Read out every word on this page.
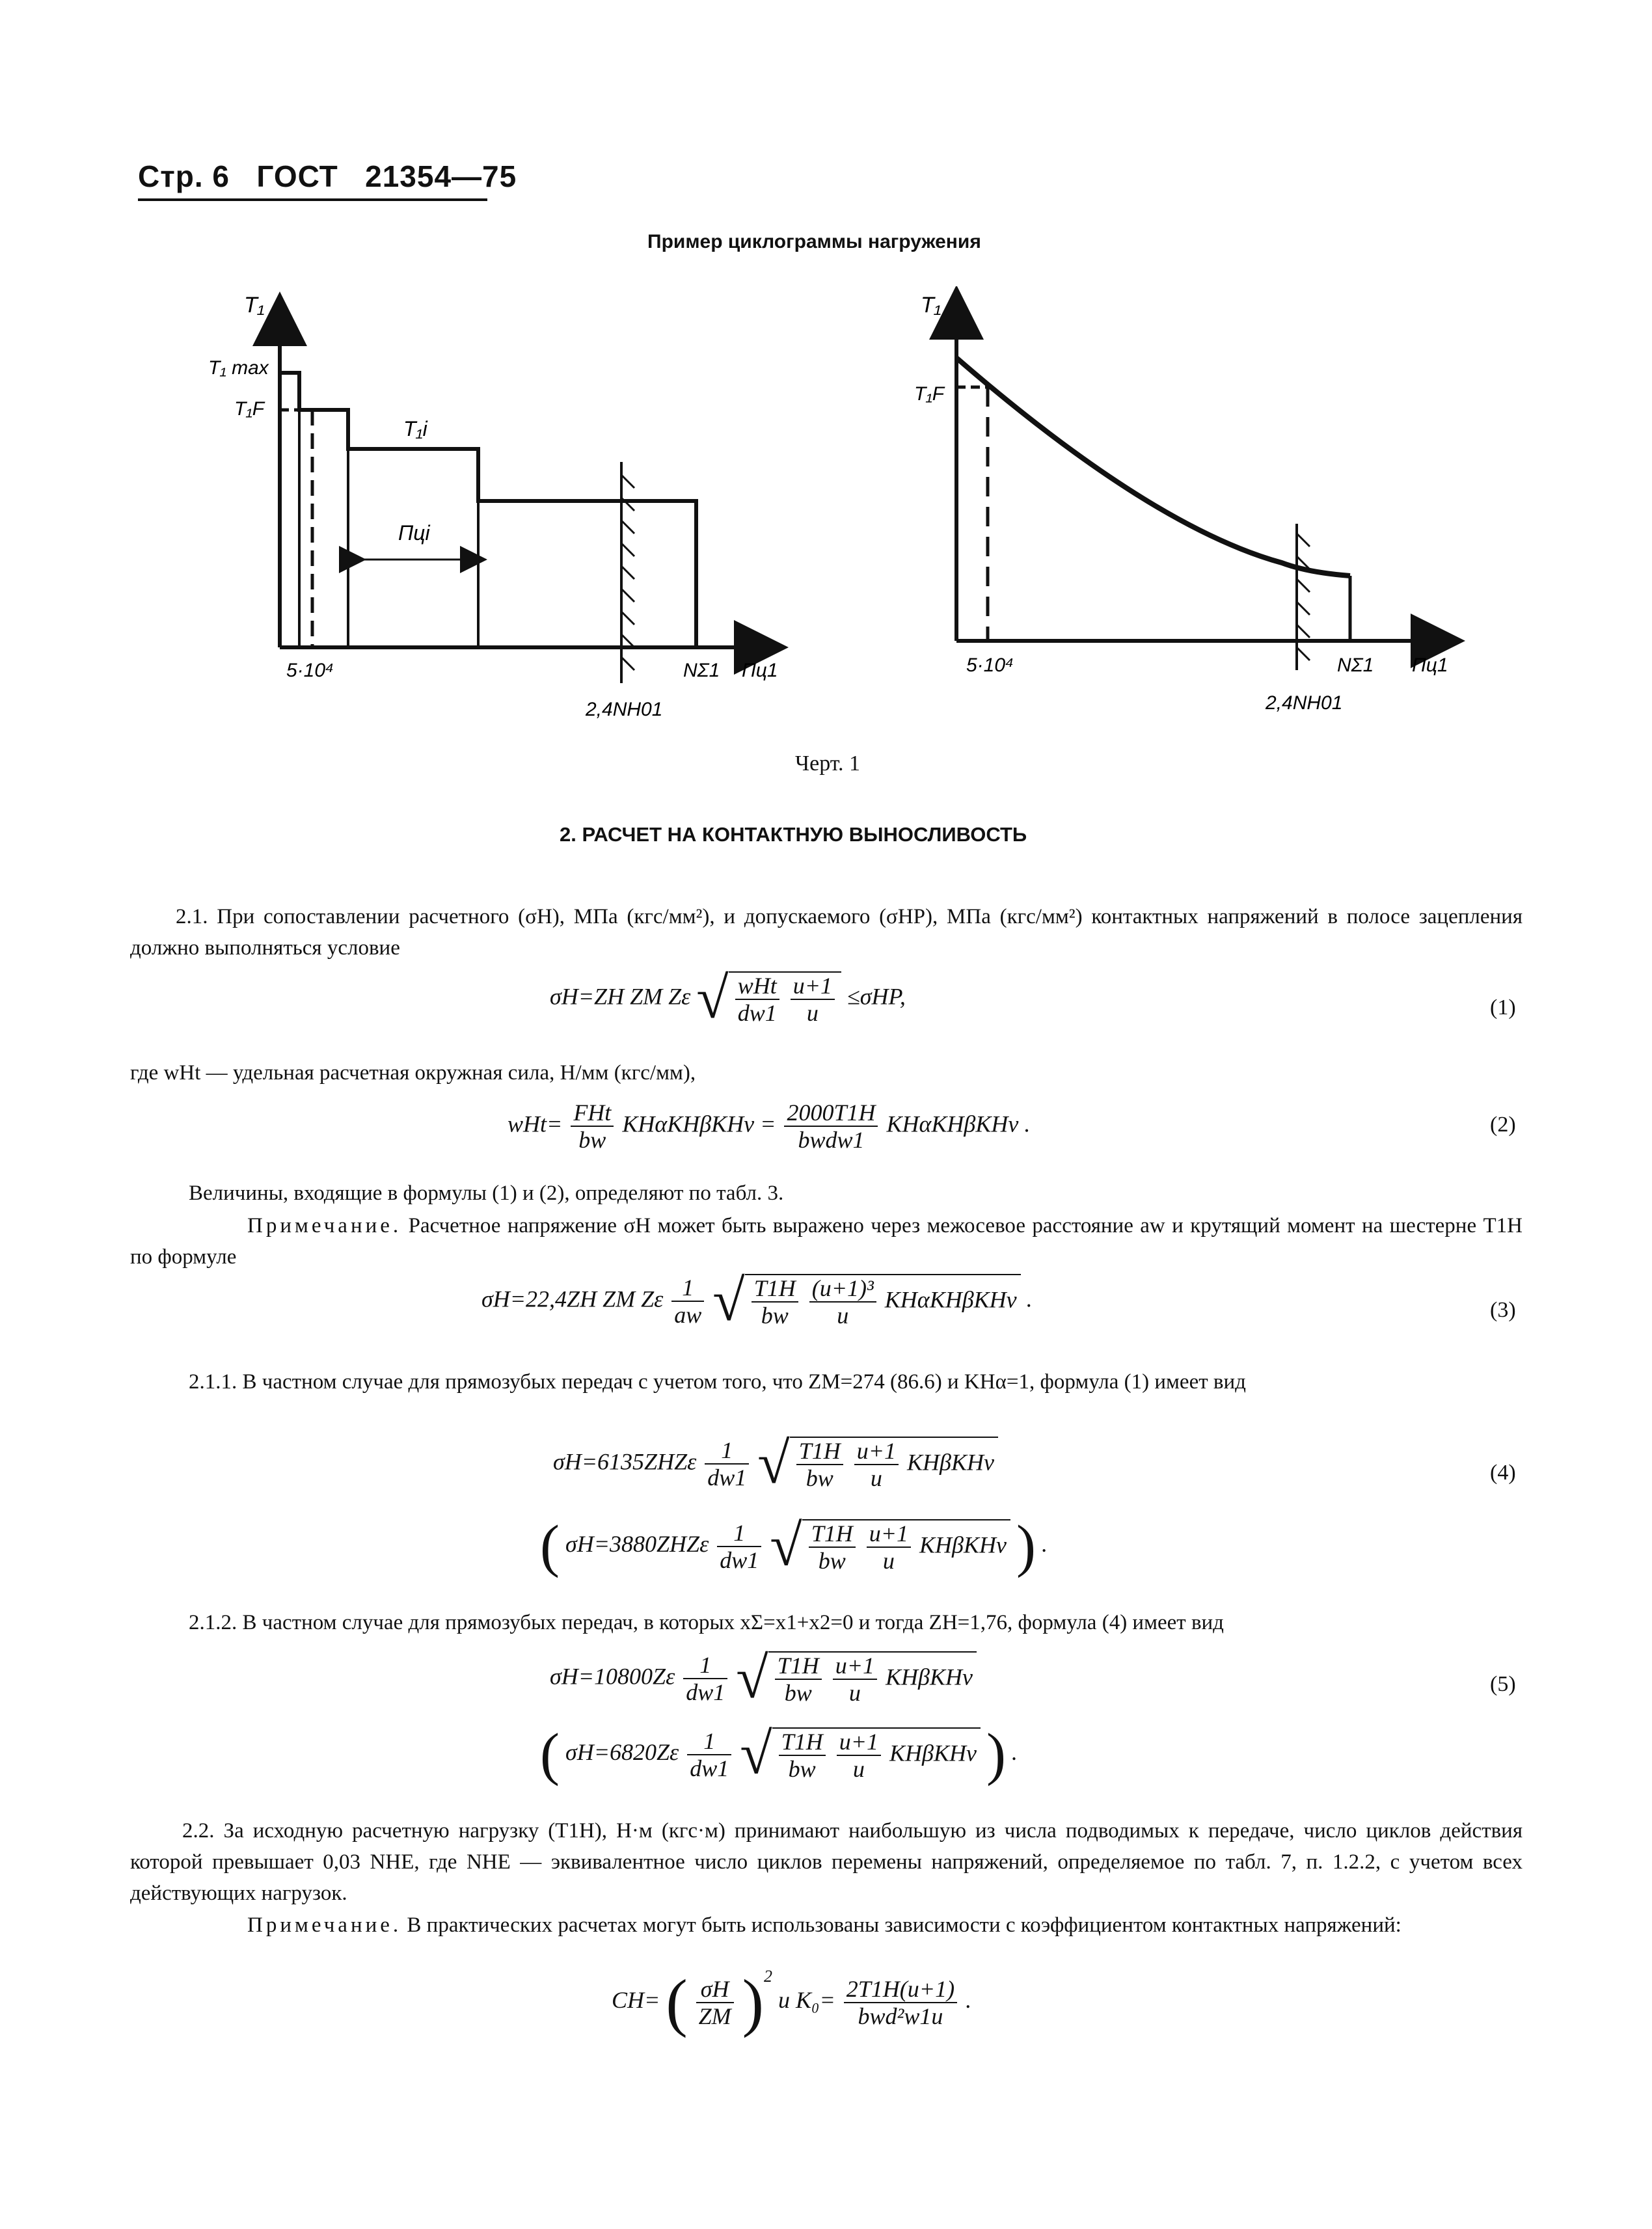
Стр. 6 ГОСТ 21354—75
Пример циклограммы нагружения
T₁
T₁ max
T₁F
T₁i
Пцi
5·10⁴	NΣ1 Пц1
2,4NH01
T₁
T₁F
5·10⁴	NΣ1 Пц1
2,4NH01
Черт. 1
2. РАСЧЕТ НА КОНТАКТНУЮ ВЫНОСЛИВОСТЬ
2.1. При сопоставлении расчетного (σH), МПа (кгс/мм²), и допускаемого (σHP), МПа (кгс/мм²) контактных напряжений в полосе зацепления должно выполняться условие
σH=ZH ZM Zε √ $\frac{\text{wHt}}{dw1}$
$\frac{u+1}{u} \le\sigma HP$,	(1)
где wHt — удельная расчетная окружная сила, Н/мм (кгс/мм),
$wHt= \frac{\text{FHt}}{bw}$ $KH\alpha KH\beta KHv = \frac{2000T1H}{\text{bwdw1}}$ KHαKHβKHv .	(2)
Величины, входящие в формулы (1) и (2), определяют по табл. 3.
Примечание. Расчетное напряжение σH может быть выражено через межосевое расстояние aw и крутящий момент на шестерне T1H по формуле
σH=22,4ZH ZM Zε $\frac{1}{aw}$ √ $\frac{T1H}{bw}$
$\frac{\text{(u+1)³}}{u}$ KHαKHβKHv .	(3)
2.1.1. В частном случае для прямозубых передач с учетом того, что ZM=274 (86.6) и KHα=1, формула (1) имеет вид
$\sigma H=6135ZHZ\varepsilon \frac{1}{dw1}$ √ $\frac{T1H}{bw}$
$\frac{u+1}{u}$ KHβKHv	(4)
( $\sigma H=3880ZHZ\varepsilon \frac{1}{dw1}$ √ $\frac{T1H}{bw}$
$\frac{u+1}{u}$ KHβKHv ) .
2.1.2. В частном случае для прямозубых передач, в которых xΣ=x1+x2=0 и тогда ZH=1,76, формула (4) имеет вид
$\sigma H=10800Z\varepsilon \frac{1}{dw1}$ √ $\frac{T1H}{bw}$
$\frac{u+1}{u}$ KHβKHv	(5)
( $\sigma H=6820Z\varepsilon \frac{1}{dw1}$ √ $\frac{T1H}{bw}$
$\frac{u+1}{u}$ KHβKHv ) .
2.2. За исходную расчетную нагрузку (T1H), Н·м (кгс·м) принимают наибольшую из числа подводимых к передаче, число циклов действия которой превышает 0,03 NHE, где NHE — эквивалентное число циклов перемены напряжений, определяемое по табл. 7, п. 1.2.2, с учетом всех действующих нагрузок.
Примечание. В практических расчетах могут быть использованы зависимости с коэффициентом контактных напряжений:
CH= ( $\frac{\sigma H}{ZM} )^2$ и $K_0= \frac{2T1H(u+1)}{\text{bwd²w1u}}$ .
